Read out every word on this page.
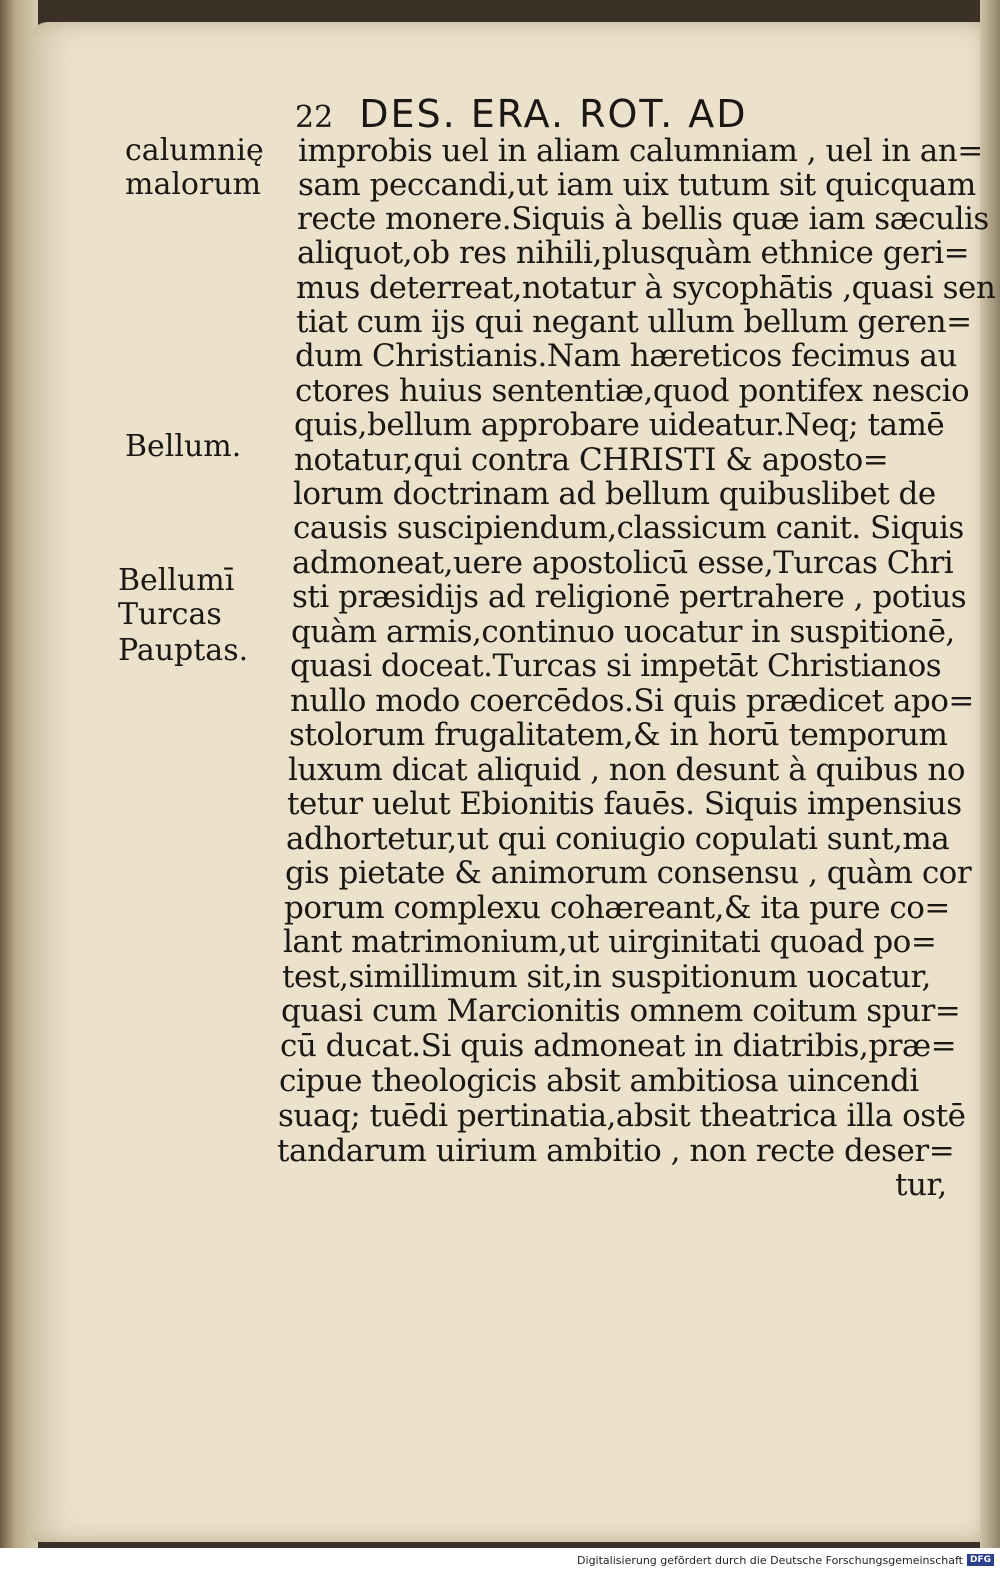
22 DES. ERA. ROT. AD
calumnię
malorum
Bellum.
Bellumī
Turcas
Pauptas.
improbis uel in aliam calumniam , uel in an=
sam peccandi,ut iam uix tutum sit quicquam
recte monere.Siquis à bellis quæ iam sæculis
aliquot,ob res nihili,plusquàm ethnice geri=
mus deterreat,notatur à sycophātis ,quasi sen
tiat cum ijs qui negant ullum bellum geren=
dum Christianis.Nam hæreticos fecimus au
ctores huius sententiæ,quod pontifex nescio
quis,bellum approbare uideatur.Neq; tamē
notatur,qui contra CHRISTI & aposto=
lorum doctrinam ad bellum quibuslibet de
causis suscipiendum,classicum canit. Siquis
admoneat,uere apostolicū esse,Turcas Chri
sti præsidijs ad religionē pertrahere , potius
quàm armis,continuo uocatur in suspitionē,
quasi doceat.Turcas si impetāt Christianos
nullo modo coercēdos.Si quis prædicet apo=
stolorum frugalitatem,& in horū temporum
luxum dicat aliquid , non desunt à quibus no
tetur uelut Ebionitis fauēs. Siquis impensius
adhortetur,ut qui coniugio copulati sunt,ma
gis pietate & animorum consensu , quàm cor
porum complexu cohæreant,& ita pure co=
lant matrimonium,ut uirginitati quoad po=
test,simillimum sit,in suspitionum uocatur,
quasi cum Marcionitis omnem coitum spur=
cū ducat.Si quis admoneat in diatribis,præ=
cipue theologicis absit ambitiosa uincendi
suaq; tuēdi pertinatia,absit theatrica illa ostē
tandarum uirium ambitio , non recte deser=
tur,
Digitalisierung gefördert durch die Deutsche Forschungsgemeinschaft DFG
